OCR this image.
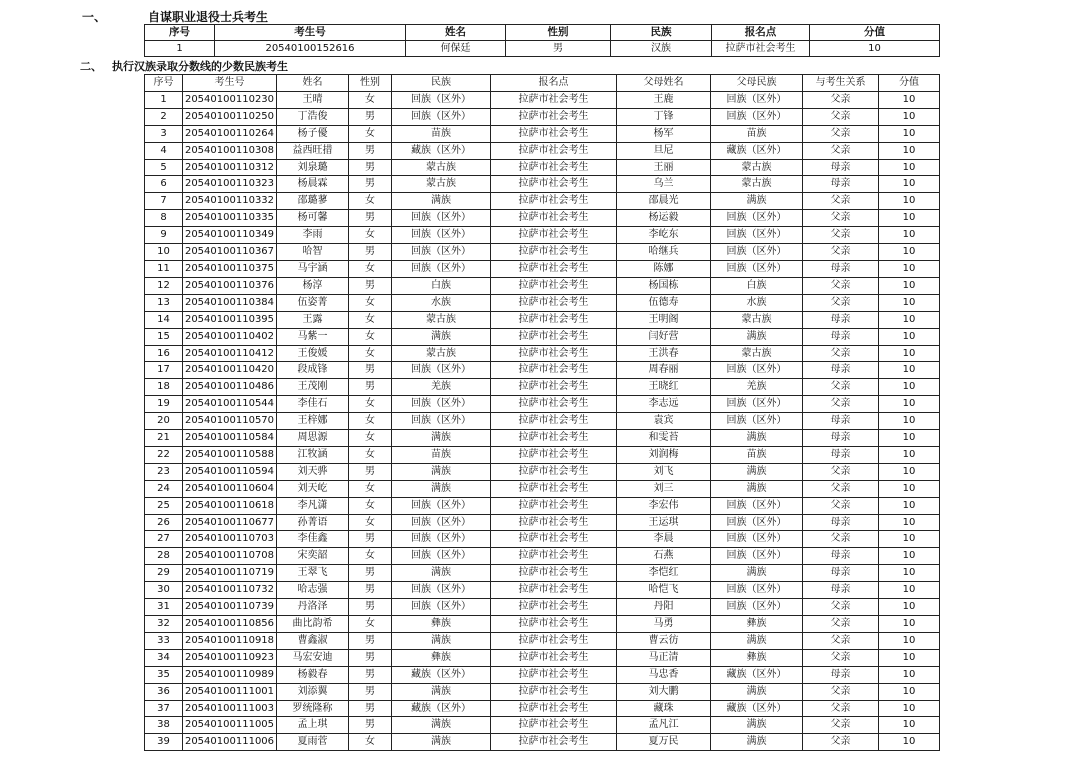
一、	自谋职业退役士兵考生
序号	考生号	姓名	性别	民族	报名点	分值
1	20540100152616	何保廷	男	汉族	拉萨市社会考生	10
二、 执行汉族录取分数线的少数民族考生
序号	考生号	姓名	性别	民族	报名点	父母姓名	父母民族	与考生关系	分值
1	20540100110230	王晴	女	回族（区外）	拉萨市社会考生	王鹿	回族（区外）	父亲	10
2	20540100110250	丁浩俊	男	回族（区外）	拉萨市社会考生	丁锋	回族（区外）	父亲	10
3	20540100110264	杨子優	女	苗族	拉萨市社会考生	杨军	苗族	父亲	10
4	20540100110308	益西旺措	男	藏族（区外）	拉萨市社会考生	旦尼	藏族（区外）	父亲	10
5	20540100110312	刘泉璐	男	蒙古族	拉萨市社会考生	王丽	蒙古族	母亲	10
6	20540100110323	杨晨霖	男	蒙古族	拉萨市社会考生	乌兰	蒙古族	母亲	10
7	20540100110332	邵璐蓼	女	满族	拉萨市社会考生	邵晨光	满族	父亲	10
8	20540100110335	杨可馨	男	回族（区外）	拉萨市社会考生	杨运毅	回族（区外）	父亲	10
9	20540100110349	李雨	女	回族（区外）	拉萨市社会考生	李屹东	回族（区外）	父亲	10
10	20540100110367	哈智	男	回族（区外）	拉萨市社会考生	哈继兵	回族（区外）	父亲	10
11	20540100110375	马宇涵	女	回族（区外）	拉萨市社会考生	陈娜	回族（区外）	母亲	10
12	20540100110376	杨淳	男	白族	拉萨市社会考生	杨国栋	白族	父亲	10
13	20540100110384	伍姿菁	女	水族	拉萨市社会考生	伍德寿	水族	父亲	10
14	20540100110395	王露	女	蒙古族	拉萨市社会考生	王明阁	蒙古族	母亲	10
15	20540100110402	马紫一	女	满族	拉萨市社会考生	闫好营	满族	母亲	10
16	20540100110412	王俊媛	女	蒙古族	拉萨市社会考生	王洪春	蒙古族	父亲	10
17	20540100110420	段成锋	男	回族（区外）	拉萨市社会考生	周春丽	回族（区外）	母亲	10
18	20540100110486	王茂刚	男	羌族	拉萨市社会考生	王晓红	羌族	父亲	10
19	20540100110544	李佳石	女	回族（区外）	拉萨市社会考生	李志远	回族（区外）	父亲	10
20	20540100110570	王梓娜	女	回族（区外）	拉萨市社会考生	袁宾	回族（区外）	母亲	10
21	20540100110584	周思源	女	满族	拉萨市社会考生	和雯苔	满族	母亲	10
22	20540100110588	江牧涵	女	苗族	拉萨市社会考生	刘润梅	苗族	母亲	10
23	20540100110594	刘天骅	男	满族	拉萨市社会考生	刘飞	满族	父亲	10
24	20540100110604	刘天屹	女	满族	拉萨市社会考生	刘三	满族	父亲	10
25	20540100110618	李凡潇	女	回族（区外）	拉萨市社会考生	李宏伟	回族（区外）	父亲	10
26	20540100110677	孙菁语	女	回族（区外）	拉萨市社会考生	王运琪	回族（区外）	母亲	10
27	20540100110703	李佳鑫	男	回族（区外）	拉萨市社会考生	李晨	回族（区外）	父亲	10
28	20540100110708	宋奕韶	女	回族（区外）	拉萨市社会考生	石燕	回族（区外）	母亲	10
29	20540100110719	王翠飞	男	满族	拉萨市社会考生	李恺红	满族	母亲	10
30	20540100110732	哈志强	男	回族（区外）	拉萨市社会考生	哈恺飞	回族（区外）	母亲	10
31	20540100110739	丹洛泽	男	回族（区外）	拉萨市社会考生	丹阳	回族（区外）	父亲	10
32	20540100110856	曲比韵希	女	彝族	拉萨市社会考生	马勇	彝族	父亲	10
33	20540100110918	曹鑫淑	男	满族	拉萨市社会考生	曹云彷	满族	父亲	10
34	20540100110923	马宏安迪	男	彝族	拉萨市社会考生	马正清	彝族	父亲	10
35	20540100110989	杨毅春	男	藏族（区外）	拉萨市社会考生	马忠香	藏族（区外）	母亲	10
36	20540100111001	刘添翼	男	满族	拉萨市社会考生	刘大鹏	满族	父亲	10
37	20540100111003	罗统隆称	男	藏族（区外）	拉萨市社会考生	藏珠	藏族（区外）	父亲	10
38	20540100111005	孟上琪	男	满族	拉萨市社会考生	孟凡江	满族	父亲	10
39	20540100111006	夏雨菅	女	满族	拉萨市社会考生	夏万民	满族	父亲	10
